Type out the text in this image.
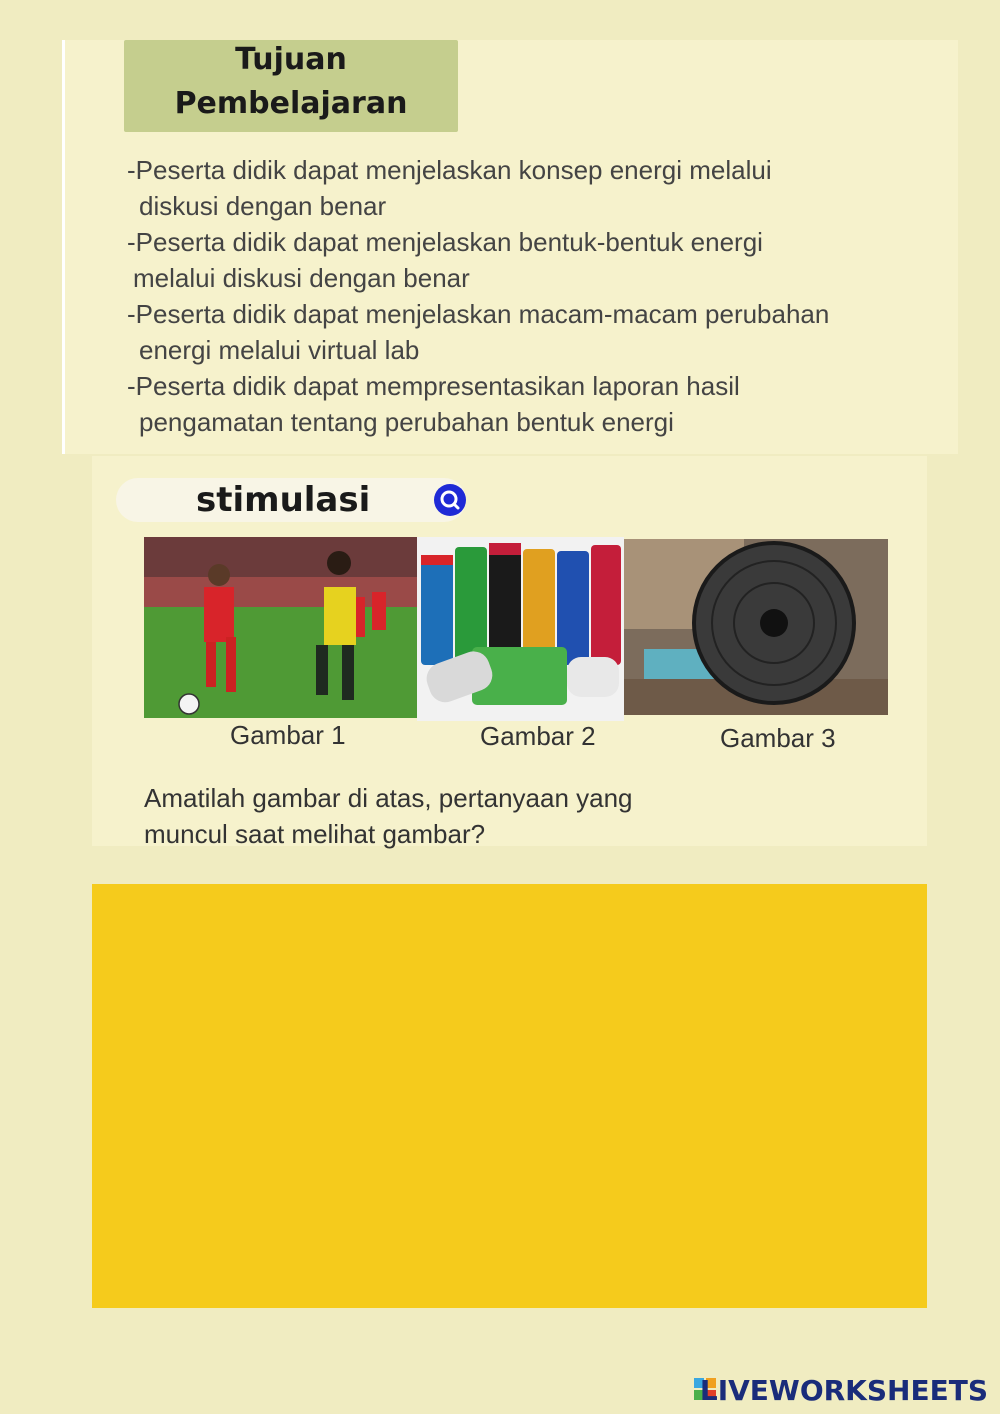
Tujuan
Pembelajaran

-Peserta didik dapat menjelaskan konsep energi melalui
diskusi dengan benar

-Peserta didik dapat menjelaskan bentuk-bentuk energi
melalui diskusi dengan benar

-Peserta didik dapat menjelaskan macam-macam perubahan
energi melalui virtual lab

-Peserta didik dapat mempresentasikan laporan hasil
pengamatan tentang perubahan bentuk energi

stimulasi
Gambar 1	Gambar 2	Gambar 3
Amatilah gambar di atas, pertanyaan yang
muncul saat melihat gambar?
LIVEWORKSHEETS
